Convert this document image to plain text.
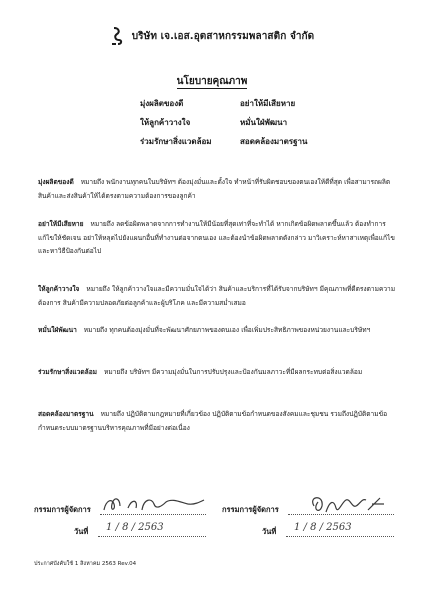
บริษัท เจ.เอส.อุตสาหกรรมพลาสติก จำกัด
นโยบายคุณภาพ
มุ่งผลิตของดี	อย่าให้มีเสียหาย
ให้ลูกค้าวางใจ	หมั่นใฝ่พัฒนา
ร่วมรักษาสิ่งแวดล้อม	สอดคล้องมาตรฐาน
มุ่งผลิตของดี หมายถึง พนักงานทุกคนในบริษัทฯ ต้องมุ่งมั่นและตั้งใจ ทำหน้าที่รับผิดชอบของตนเองให้ดีที่สุด เพื่อสามารถผลิตสินค้าและส่งสินค้าให้ได้ตรงตามความต้องการของลูกค้า
อย่าให้มีเสียหาย หมายถึง ลดข้อผิดพลาดจากการทำงานให้มีน้อยที่สุดเท่าที่จะทำได้ หากเกิดข้อผิดพลาดขึ้นแล้ว ต้องทำการแก้ไขให้ชัดเจน อย่าให้หลุดไปยังแผนกอื่นที่ทำงานต่อจากตนเอง และต้องนำข้อผิดพลาดดังกล่าว มาวิเคราะห์หาสาเหตุเพื่อแก้ไขและหาวิธีป้องกันต่อไป
ให้ลูกค้าวางใจ หมายถึง ให้ลูกค้าวางใจและมีความมั่นใจได้ว่า สินค้าและบริการที่ได้รับจากบริษัทฯ มีคุณภาพที่ดีตรงตามความต้องการ สินค้ามีความปลอดภัยต่อลูกค้าและผู้บริโภค และมีความสม่ำเสมอ
หมั่นใฝ่พัฒนา หมายถึง ทุกคนต้องมุ่งมั่นที่จะพัฒนาศักยภาพของตนเอง เพื่อเพิ่มประสิทธิภาพของหน่วยงานและบริษัทฯ
ร่วมรักษาสิ่งแวดล้อม หมายถึง บริษัทฯ มีความมุ่งมั่นในการปรับปรุงและป้องกันมลภาวะที่มีผลกระทบต่อสิ่งแวดล้อม
สอดคล้องมาตรฐาน หมายถึง ปฏิบัติตามกฎหมายที่เกี่ยวข้อง ปฏิบัติตามข้อกำหนดของสังคมและชุมชน รวมถึงปฏิบัติตามข้อกำหนดระบบมาตรฐานบริหารคุณภาพที่มีอย่างต่อเนื่อง
กรรมการผู้จัดการ
วันที่ 1 / 8 / 2563
กรรมการผู้จัดการ
วันที่ 1 / 8 / 2563
ประกาศบังคับใช้ 1 สิงหาคม 2563 Rev.04
